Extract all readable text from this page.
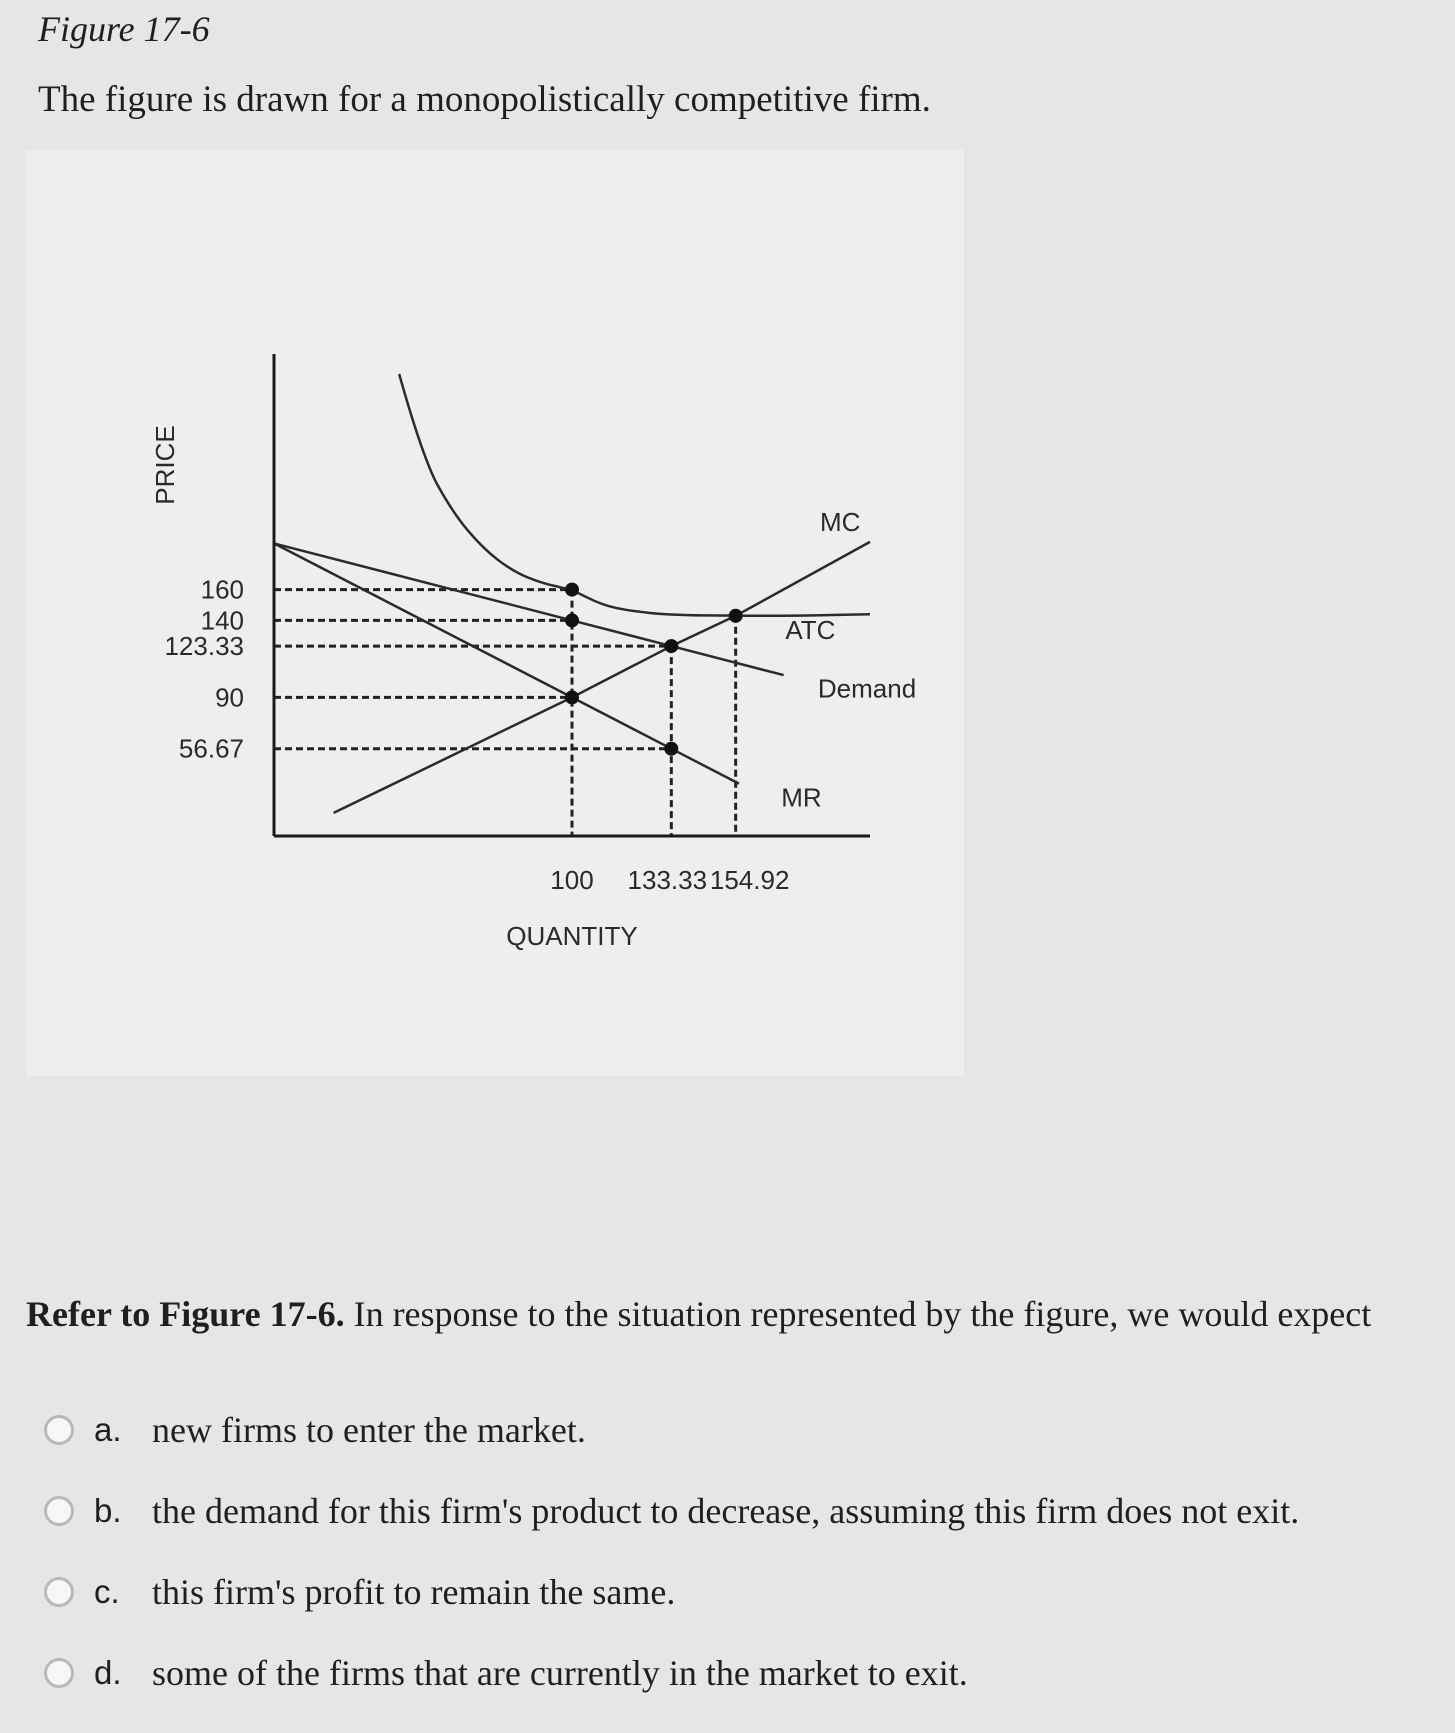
Figure 17-6

The figure is drawn for a monopolistically competitive firm.

160
140
123.33
90
56.67
100 133.33 154.92
PRICE
QUANTITY
MC
ATC
Demand
MR

Refer to Figure 17-6. In response to the situation represented by the figure, we would expect

a. new firms to enter the market.
b. the demand for this firm's product to decrease, assuming this firm does not exit.
c. this firm's profit to remain the same.
d. some of the firms that are currently in the market to exit.
